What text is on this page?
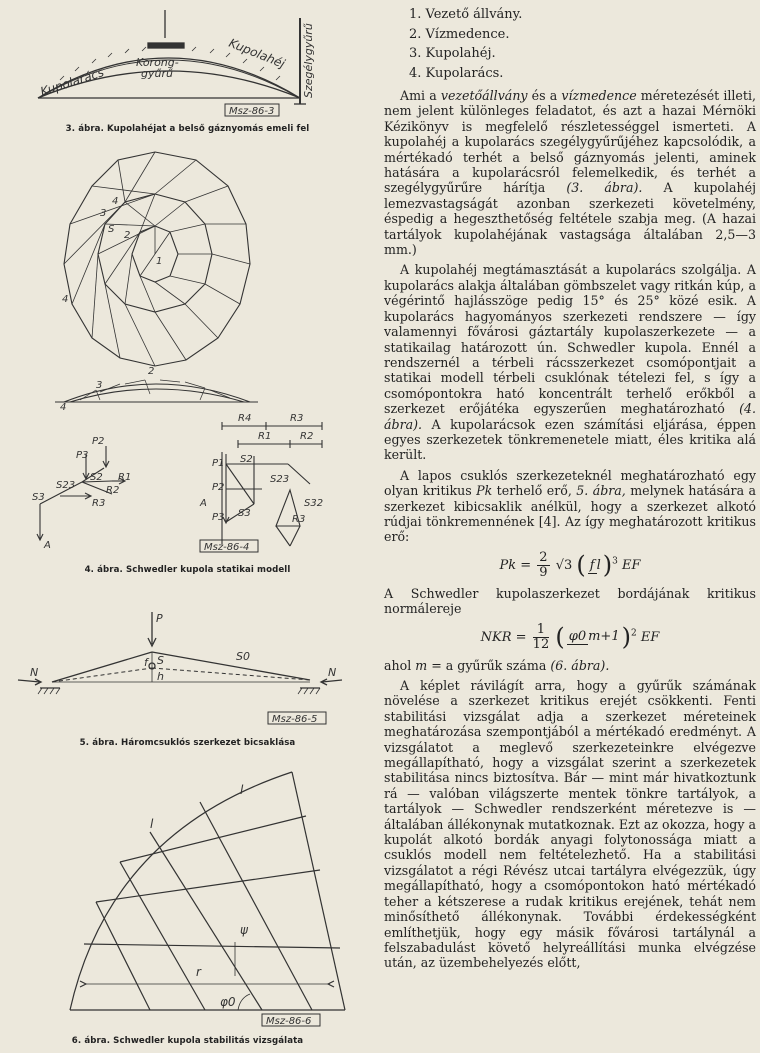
Kupolarács
Korong-
gyűrű
Kupolahéj Szegélygyűrű
Msz-86-3
3. ábra. Kupolahéjat a belső gáznyomás emeli fel
4
1
S
2
3
4
3
2
4
P3
P2
R1
R2
R3
S23
S2
S3
A
R4	R3
R1	R2
P1 S2
P2
P3
A
S23
S3
S32
R3
Msz-86-4
4. ábra. Schwedler kupola statikai modell
P
N	N
f S
h
S0
Msz-86-5
5. ábra. Háromcsuklós szerkezet bicsaklása
l
l
ψ
r
φ0
Msz-86-6
6. ábra. Schwedler kupola stabilitás vizsgálata
1. Vezető állvány.
2. Vízmedence.
3. Kupolahéj.
4. Kupolarács.

Ami a vezetőállvány és a vízmedence méretezését illeti, nem jelent különleges feladatot, és azt a hazai Mérnöki Kézikönyv is megfelelő részletességgel ismerteti. A kupolahéj a kupolarács szegélygyűrűjéhez kapcsolódik, a mértékadó terhét a belső gáznyomás jelenti, aminek hatására a kupolarácsról felemelkedik, és terhét a szegélygyűrűre hárítja (3. ábra). A kupolahéj lemezvastagságát azonban szerkezeti követelmény, éspedig a hegeszthetőség feltétele szabja meg. (A hazai tartályok kupolahéjának vastagsága általában 2,5—3 mm.)

A kupolahéj megtámasztását a kupolarács szolgálja. A kupolarács alakja általában gömbszelet vagy ritkán kúp, a végérintő hajlásszöge pedig 15° és 25° közé esik. A kupolarács hagyományos szerkezeti rendszere — így valamennyi fővárosi gáztartály kupolaszerkezete — a statikailag határozott ún. Schwedler kupola. Ennél a rendszernél a térbeli rácsszerkezet csomópontjait a statikai modell térbeli csuklónak tételezi fel, s így a csomópontokra ható koncentrált terhelő erőkből a szerkezet erőjátéka egyszerűen meghatározható (4. ábra). A kupolarácsok ezen számítási eljárása, éppen egyes szerkezetek tönkremenetele miatt, éles kritika alá került.

A lapos csuklós szerkezeteknél meghatározható egy olyan kritikus Pk terhelő erő, 5. ábra, melynek hatására a szerkezet kibicsaklik anélkül, hogy a szerkezet alkotó rúdjai tönkremennének [4]. Az így meghatározott kritikus erő:

$Pk = \frac{2}{9} √3$ ( f l)$^3$ EF

A Schwedler kupolaszerkezet bordájának kritikus normálereje

NKR = $\frac{1}{12}$ ( φ0 m+1)$^2$ EF

ahol m = a gyűrűk száma (6. ábra).

A képlet rávilágít arra, hogy a gyűrűk számának növelése a szerkezet kritikus erejét csökkenti. Fenti stabilitási vizsgálat adja a szerkezet méreteinek meghatározása szempontjából a mértékadó eredményt. A vizsgálatot a meglevő szerkezeteinkre elvégezve megállapítható, hogy a vizsgálat szerint a szerkezetek stabilitása nincs biztosítva. Bár — mint már hivatkoztunk rá — valóban világszerte mentek tönkre tartályok, a tartályok — Schwedler rendszerként méretezve is — általában állékonynak mutatkoznak. Ezt az okozza, hogy a kupolát alkotó bordák anyagi folytonossága miatt a csuklós modell nem feltételezhető. Ha a stabilitási vizsgálatot a régi Révész utcai tartályra elvégezzük, úgy megállapítható, hogy a csomópontokon ható mértékadó teher a kétszerese a rudak kritikus erejének, tehát nem minősíthető állékonynak. További érdekességként említhetjük, hogy egy másik fővárosi tartálynál a felszabadulást követő helyreállítási munka elvégzése után, az üzembehelyezés előtt,
